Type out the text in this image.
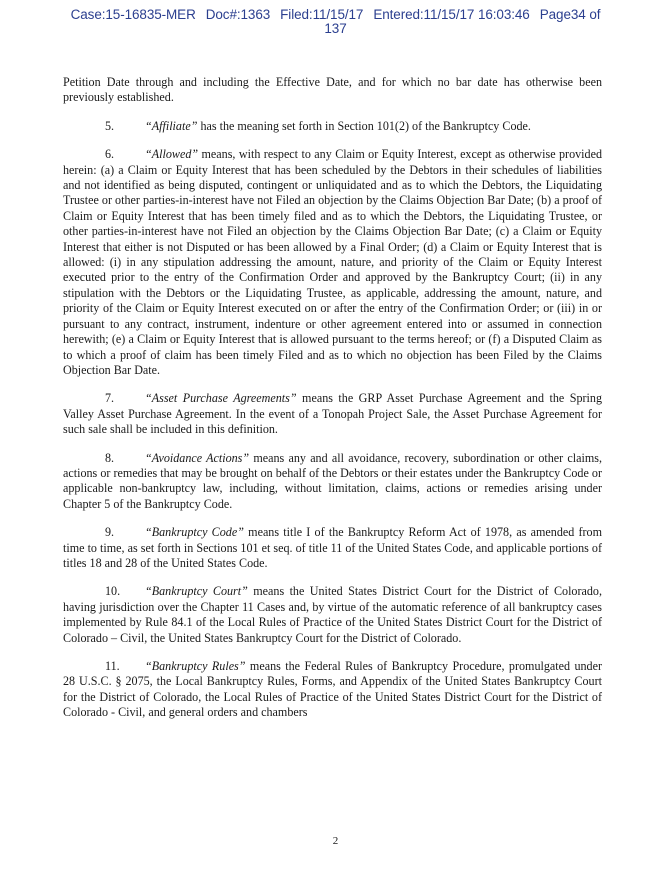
Case:15-16835-MER Doc#:1363 Filed:11/15/17 Entered:11/15/17 16:03:46 Page34 of
137

Petition Date through and including the Effective Date, and for which no bar date has otherwise been previously established.

5.	“Affiliate” has the meaning set forth in Section 101(2) of the Bankruptcy Code.

6.	“Allowed” means, with respect to any Claim or Equity Interest, except as otherwise provided herein: (a) a Claim or Equity Interest that has been scheduled by the Debtors in their schedules of liabilities and not identified as being disputed, contingent or unliquidated and as to which the Debtors, the Liquidating Trustee or other parties-in-interest have not Filed an objection by the Claims Objection Bar Date; (b) a proof of Claim or Equity Interest that has been timely filed and as to which the Debtors, the Liquidating Trustee, or other parties-in-interest have not Filed an objection by the Claims Objection Bar Date; (c) a Claim or Equity Interest that either is not Disputed or has been allowed by a Final Order; (d) a Claim or Equity Interest that is allowed: (i) in any stipulation addressing the amount, nature, and priority of the Claim or Equity Interest executed prior to the entry of the Confirmation Order and approved by the Bankruptcy Court; (ii) in any stipulation with the Debtors or the Liquidating Trustee, as applicable, addressing the amount, nature, and priority of the Claim or Equity Interest executed on or after the entry of the Confirmation Order; or (iii) in or pursuant to any contract, instrument, indenture or other agreement entered into or assumed in connection herewith; (e) a Claim or Equity Interest that is allowed pursuant to the terms hereof; or (f) a Disputed Claim as to which a proof of claim has been timely Filed and as to which no objection has been Filed by the Claims Objection Bar Date.

7.	“Asset Purchase Agreements” means the GRP Asset Purchase Agreement and the Spring Valley Asset Purchase Agreement. In the event of a Tonopah Project Sale, the Asset Purchase Agreement for such sale shall be included in this definition.

8.	“Avoidance Actions” means any and all avoidance, recovery, subordination or other claims, actions or remedies that may be brought on behalf of the Debtors or their estates under the Bankruptcy Code or applicable non-bankruptcy law, including, without limitation, claims, actions or remedies arising under Chapter 5 of the Bankruptcy Code.

9.	“Bankruptcy Code” means title I of the Bankruptcy Reform Act of 1978, as amended from time to time, as set forth in Sections 101 et seq. of title 11 of the United States Code, and applicable portions of titles 18 and 28 of the United States Code.

10. “Bankruptcy Court” means the United States District Court for the District of Colorado, having jurisdiction over the Chapter 11 Cases and, by virtue of the automatic reference of all bankruptcy cases implemented by Rule 84.1 of the Local Rules of Practice of the United States District Court for the District of Colorado – Civil, the United States Bankruptcy Court for the District of Colorado.

11. “Bankruptcy Rules” means the Federal Rules of Bankruptcy Procedure, promulgated under 28 U.S.C. § 2075, the Local Bankruptcy Rules, Forms, and Appendix of the United States Bankruptcy Court for the District of Colorado, the Local Rules of Practice of the United States District Court for the District of Colorado - Civil, and general orders and chambers

2
